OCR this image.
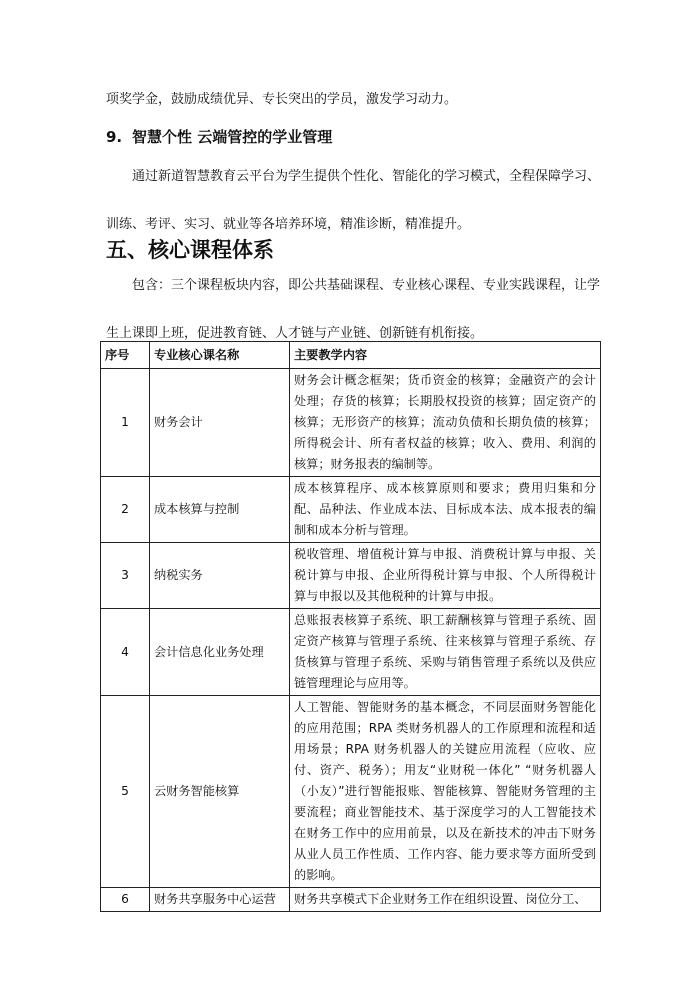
项奖学金，鼓励成绩优异、专长突出的学员，激发学习动力。

9. 智慧个性 云端管控的学业管理

通过新道智慧教育云平台为学生提供个性化、智能化的学习模式，全程保障学习、训练、考评、实习、就业等各培养环境，精准诊断，精准提升。

五、核心课程体系

包含：三个课程板块内容，即公共基础课程、专业核心课程、专业实践课程，让学生上课即上班，促进教育链、人才链与产业链、创新链有机衔接。

序号	专业核心课名称	主要教学内容
1	财务会计	财务会计概念框架；货币资金的核算；金融资产的会计处理；存货的核算；长期股权投资的核算；固定资产的核算；无形资产的核算；流动负债和长期负债的核算；所得税会计、所有者权益的核算；收入、费用、利润的核算；财务报表的编制等。
2	成本核算与控制	成本核算程序、成本核算原则和要求；费用归集和分配、品种法、作业成本法、目标成本法、成本报表的编制和成本分析与管理。
3	纳税实务	税收管理、增值税计算与申报、消费税计算与申报、关税计算与申报、企业所得税计算与申报、个人所得税计算与申报以及其他税种的计算与申报。
4	会计信息化业务处理	总账报表核算子系统、职工薪酬核算与管理子系统、固定资产核算与管理子系统、往来核算与管理子系统、存货核算与管理子系统、采购与销售管理子系统以及供应链管理理论与应用等。
5	云财务智能核算	人工智能、智能财务的基本概念，不同层面财务智能化的应用范围；RPA 类财务机器人的工作原理和流程和适用场景；RPA 财务机器人的关键应用流程（应收、应付、资产、税务）；用友“业财税一体化” “财务机器人（小友）”进行智能报账、智能核算、智能财务管理的主要流程；商业智能技术、基于深度学习的人工智能技术在财务工作中的应用前景，以及在新技术的冲击下财务从业人员工作性质、工作内容、能力要求等方面所受到的影响。
6	财务共享服务中心运营	财务共享模式下企业财务工作在组织设置、岗位分工、
